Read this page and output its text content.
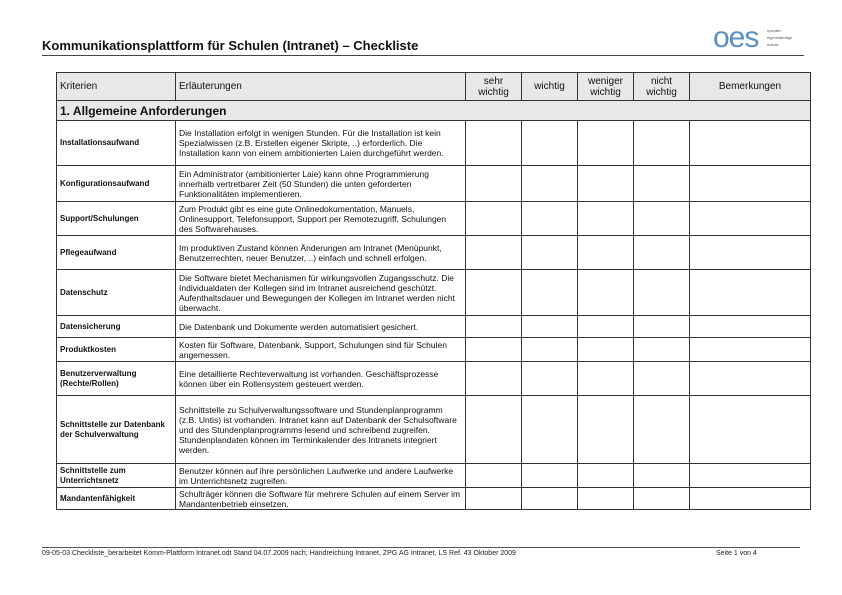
Kommunikationsplattform für Schulen (Intranet) – Checkliste	oes operativ
eigenständige
schule
Kriterien	Erläuterungen	sehr wichtig	wichtig	weniger wichtig	nicht wichtig	Bemerkungen
1. Allgemeine Anforderungen						
Installationsaufwand	Die Installation erfolgt in wenigen Stunden. Für die Installation ist kein Spezialwissen (z.B. Erstellen eigener Skripte, ..) erforderlich. Die Installation kann von einem ambitionierten Laien durchgeführt werden.					
Konfigurationsaufwand	Ein Administrator (ambitionierter Laie) kann ohne Programmierung innerhalb vertretbarer Zeit (50 Stunden) die unten geforderten Funktionalitäten implementieren.					
Support/Schulungen	Zum Produkt gibt es eine gute Onlinedokumentation, Manuels, Onlinesupport, Telefonsupport, Support per Remotezugriff, Schulungen des Softwarehauses.					
Pflegeaufwand	Im produktiven Zustand können Änderungen am Intranet (Menüpunkt, Benutzerrechten, neuer Benutzer, ..) einfach und schnell erfolgen.					
Datenschutz	Die Software bietet Mechanismen für wirkungsvollen Zugangsschutz. Die Individualdaten der Kollegen sind im Intranet ausreichend geschützt. Aufenthaltsdauer und Bewegungen der Kollegen im Intranet werden nicht überwacht.					
Datensicherung	Die Datenbank und Dokumente werden automatisiert gesichert.					
Produktkosten	Kosten für Software, Datenbank, Support, Schulungen sind für Schulen angemessen.					
Benutzerverwaltung (Rechte/Rollen)	Eine detaillierte Rechteverwaltung ist vorhanden. Geschäftsprozesse können über ein Rollensystem gesteuert werden.					
Schnittstelle zur Datenbank der Schulverwaltung	Schnittstelle zu Schulverwaltungssoftware und Stundenplanprogramm (z.B. Untis) ist vorhanden. Intranet kann auf Datenbank der Schulsoftware und des Stundenplanprogramms lesend und schreibend zugreifen. Stundenplandaten können im Terminkalender des Intranets integriert werden.					
Schnittstelle zum Unterrichtsnetz	Benutzer können auf ihre persönlichen Laufwerke und andere Laufwerke im Unterrichtsnetz zugreifen.					
Mandantenfähigkeit	Schulträger können die Software für mehrere Schulen auf einem Server im Mandantenbetrieb einsetzen.					
09-05-03 Checkliste_berarbeitet Komm-Plattform Intranet.odt Stand 04.07.2009 nach; Handreichung Intranet, ZPG AG Intranet, LS Ref. 43 Oktober 2009	Seite 1 von 4
